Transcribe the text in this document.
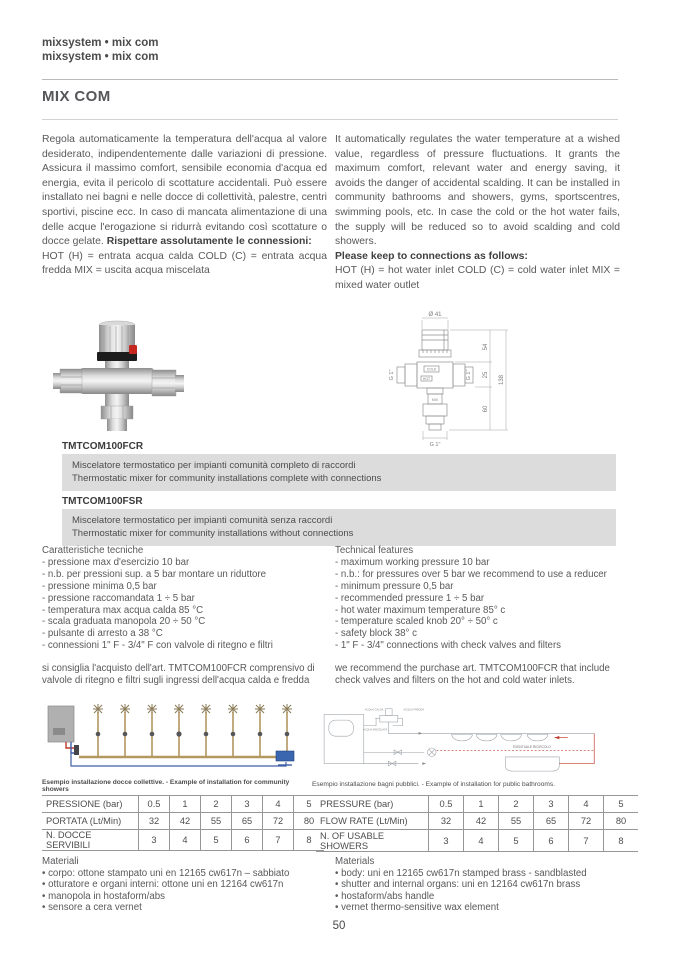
mixsystem • mix com
mixsystem • mix com
MIX COM

Regola automaticamente la temperatura dell'acqua al valore desiderato, indipendentemente dalle variazioni di pressione. Assicura il massimo comfort, sensibile economia d'acqua ed energia, evita il pericolo di scottature accidentali. Può essere installato nei bagni e nelle docce di collettività, palestre, centri sportivi, piscine ecc. In caso di mancata alimentazione di una delle acque l'erogazione si ridurrà evitando così scottature o docce gelate. Rispettare assolutamente le connessioni:
HOT (H) = entrata acqua calda COLD (C) = entrata acqua fredda MIX = uscita acqua miscelata

It automatically regulates the water temperature at a wished value, regardless of pressure fluctuations. It grants the maximum comfort, relevant water and energy saving, it avoids the danger of accidental scalding. It can be installed in community bathrooms and showers, gyms, sportscentres, swimming pools, etc. In case the cold or the hot water fails, the supply will be reduced so to avoid scalding and cold showers.
Please keep to connections as follows:
HOT (H) = hot water inlet COLD (C) = cold water inlet MIX = mixed water outlet

Ø 41
54
25
60
138
G 1"	G 1"
G 1"
COLD
HOT
MIX
TMTCOM100FCR
Miscelatore termostatico per impianti comunità completo di raccordi
Thermostatic mixer for community installations complete with connections
TMTCOM100FSR
Miscelatore termostatico per impianti comunità senza raccordi
Thermostatic mixer for community installations without connections
Caratteristiche tecniche
- pressione max d'esercizio 10 bar
- n.b. per pressioni sup. a 5 bar montare un riduttore
- pressione minima 0,5 bar
- pressione raccomandata 1 ÷ 5 bar
- temperatura max acqua calda 85 °C
- scala graduata manopola 20 ÷ 50 °C
- pulsante di arresto a 38 °C
- connessioni 1" F - 3/4" F con valvole di ritegno e filtri
si consiglia l'acquisto dell'art. TMTCOM100FCR comprensivo di valvole di ritegno e filtri sugli ingressi dell'acqua calda e fredda
Technical features
- maximum working pressure 10 bar
- n.b.: for pressures over 5 bar we recommend to use a reducer
- minimum pressure 0,5 bar
- recommended pressure 1 ÷ 5 bar
- hot water maximum temperature 85° c
- temperature scaled knob 20° ÷ 50° c
- safety block 38° c
- 1" F - 3/4" connections with check valves and filters
we recommend the purchase art. TMTCOM100FCR that include check valves and filters on the hot and cold water inlets.
Esempio installazione docce collettive. - Example of installation for community showers
ACQUA CALDA	ACQUA FREDDA
ACQUA MISCELATA
EVENTUALE RICIRCOLO
Esempio installazione bagni pubblici. - Example of installation for public bathrooms.
PRESSIONE (bar)	0.5	1	2	3	4	5
PORTATA (Lt/Min)	32	42	55	65	72	80
N. DOCCE SERVIBILI	3	4	5	6	7	8
PRESSURE (bar)	0.5	1	2	3	4	5
FLOW RATE (Lt/Min)	32	42	55	65	72	80
N. OF USABLE SHOWERS	3	4	5	6	7	8
Materiali
• corpo: ottone stampato uni en 12165 cw617n – sabbiato
• otturatore e organi interni: ottone uni en 12164 cw617n
• manopola in hostaform/abs
• sensore a cera vernet
Materials
• body: uni en 12165 cw617n stamped brass - sandblasted
• shutter and internal organs: uni en 12164 cw617n brass
• hostaform/abs handle
• vernet thermo-sensitive wax element
50
